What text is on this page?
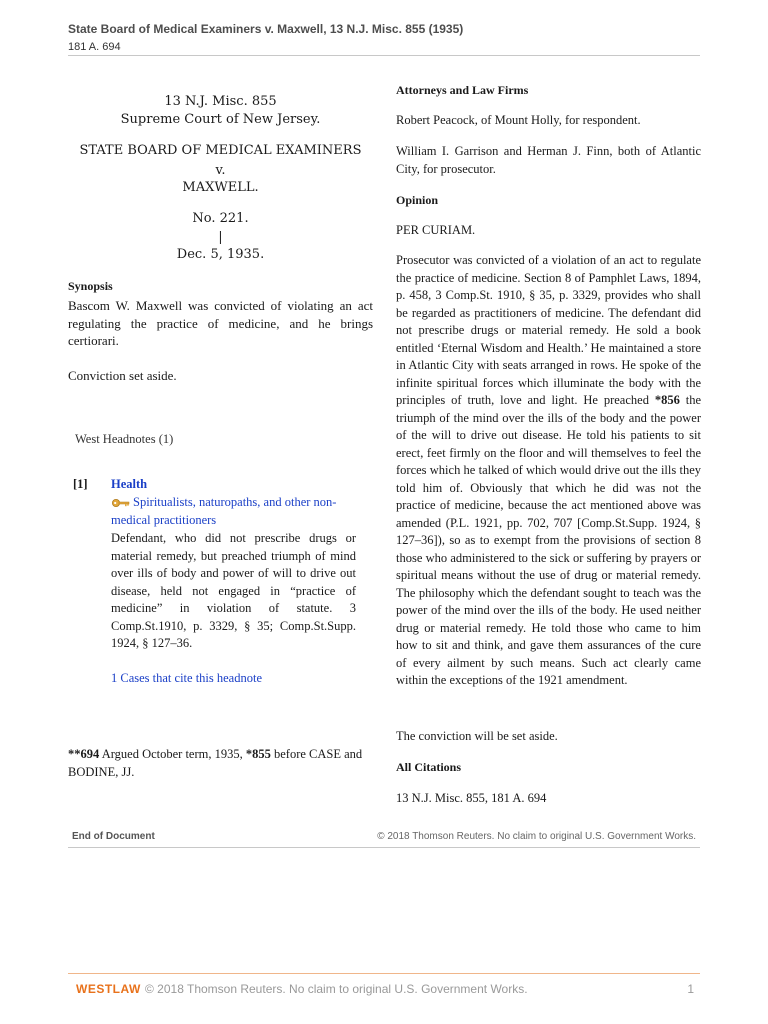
State Board of Medical Examiners v. Maxwell, 13 N.J. Misc. 855 (1935)
181 A. 694
13 N.J. Misc. 855
Supreme Court of New Jersey.
STATE BOARD OF MEDICAL EXAMINERS
v.
MAXWELL.
No. 221.
|
Dec. 5, 1935.
Synopsis
Bascom W. Maxwell was convicted of violating an act regulating the practice of medicine, and he brings certiorari.
Conviction set aside.
West Headnotes (1)
[1] Health
Spiritualists, naturopaths, and other non-medical practitioners
Defendant, who did not prescribe drugs or material remedy, but preached triumph of mind over ills of body and power of will to drive out disease, held not engaged in “practice of medicine” in violation of statute. 3 Comp.St.1910, p. 3329, § 35; Comp.St.Supp. 1924, § 127–36.
1 Cases that cite this headnote
**694 Argued October term, 1935, *855 before CASE and BODINE, JJ.
Attorneys and Law Firms
Robert Peacock, of Mount Holly, for respondent.
William I. Garrison and Herman J. Finn, both of Atlantic City, for prosecutor.
Opinion
PER CURIAM.
Prosecutor was convicted of a violation of an act to regulate the practice of medicine. Section 8 of Pamphlet Laws, 1894, p. 458, 3 Comp.St. 1910, § 35, p. 3329, provides who shall be regarded as practitioners of medicine. The defendant did not prescribe drugs or material remedy. He sold a book entitled ‘Eternal Wisdom and Health.’ He maintained a store in Atlantic City with seats arranged in rows. He spoke of the infinite spiritual forces which illuminate the body with the principles of truth, love and light. He preached *856 the triumph of the mind over the ills of the body and the power of the will to drive out disease. He told his patients to sit erect, feet firmly on the floor and will themselves to feel the forces which he talked of which would drive out the ills they told him of. Obviously that which he did was not the practice of medicine, because the act mentioned above was amended (P.L. 1921, pp. 702, 707 [Comp.St.Supp. 1924, § 127–36]), so as to exempt from the provisions of section 8 those who administered to the sick or suffering by prayers or spiritual means without the use of drug or material remedy. The philosophy which the defendant sought to teach was the power of the mind over the ills of the body. He used neither drug or material remedy. He told those who came to him how to sit and think, and gave them assurances of the cure of every ailment by such means. Such act clearly came within the exceptions of the 1921 amendment.
The conviction will be set aside.
All Citations
13 N.J. Misc. 855, 181 A. 694
End of Document	© 2018 Thomson Reuters. No claim to original U.S. Government Works.
WESTLAW © 2018 Thomson Reuters. No claim to original U.S. Government Works.	1
